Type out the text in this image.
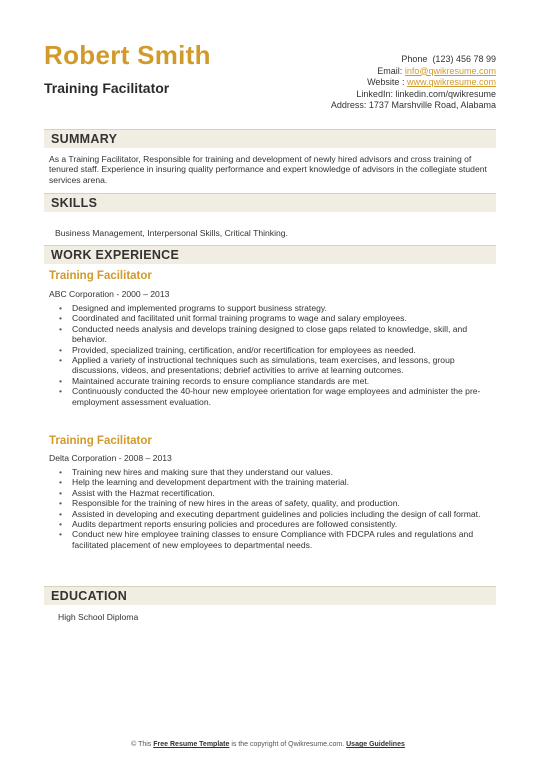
Robert Smith
Training Facilitator
Phone (123) 456 78 99
Email: info@qwikresume.com
Website : www.qwikresume.com
LinkedIn: linkedin.com/qwikresume
Address: 1737 Marshville Road, Alabama
SUMMARY
As a Training Facilitator, Responsible for training and development of newly hired advisors and cross training of tenured staff. Experience in insuring quality performance and expert knowledge of advisors in the collegiate student services arena.
SKILLS
Business Management, Interpersonal Skills, Critical Thinking.
WORK EXPERIENCE
Training Facilitator
ABC Corporation - 2000 – 2013
• Designed and implemented programs to support business strategy.
• Coordinated and facilitated unit formal training programs to wage and salary employees.
• Conducted needs analysis and develops training designed to close gaps related to knowledge, skill, and behavior.
• Provided, specialized training, certification, and/or recertification for employees as needed.
• Applied a variety of instructional techniques such as simulations, team exercises, and lessons, group discussions, videos, and presentations; debrief activities to arrive at learning outcomes.
• Maintained accurate training records to ensure compliance standards are met.
• Continuously conducted the 40-hour new employee orientation for wage employees and administer the pre-employment assessment evaluation.
Training Facilitator
Delta Corporation - 2008 – 2013
• Training new hires and making sure that they understand our values.
• Help the learning and development department with the training material.
• Assist with the Hazmat recertification.
• Responsible for the training of new hires in the areas of safety, quality, and production.
• Assisted in developing and executing department guidelines and policies including the design of call format.
• Audits department reports ensuring policies and procedures are followed consistently.
• Conduct new hire employee training classes to ensure Compliance with FDCPA rules and regulations and facilitated placement of new employees to departmental needs.
EDUCATION
High School Diploma
© This Free Resume Template is the copyright of Qwikresume.com. Usage Guidelines
